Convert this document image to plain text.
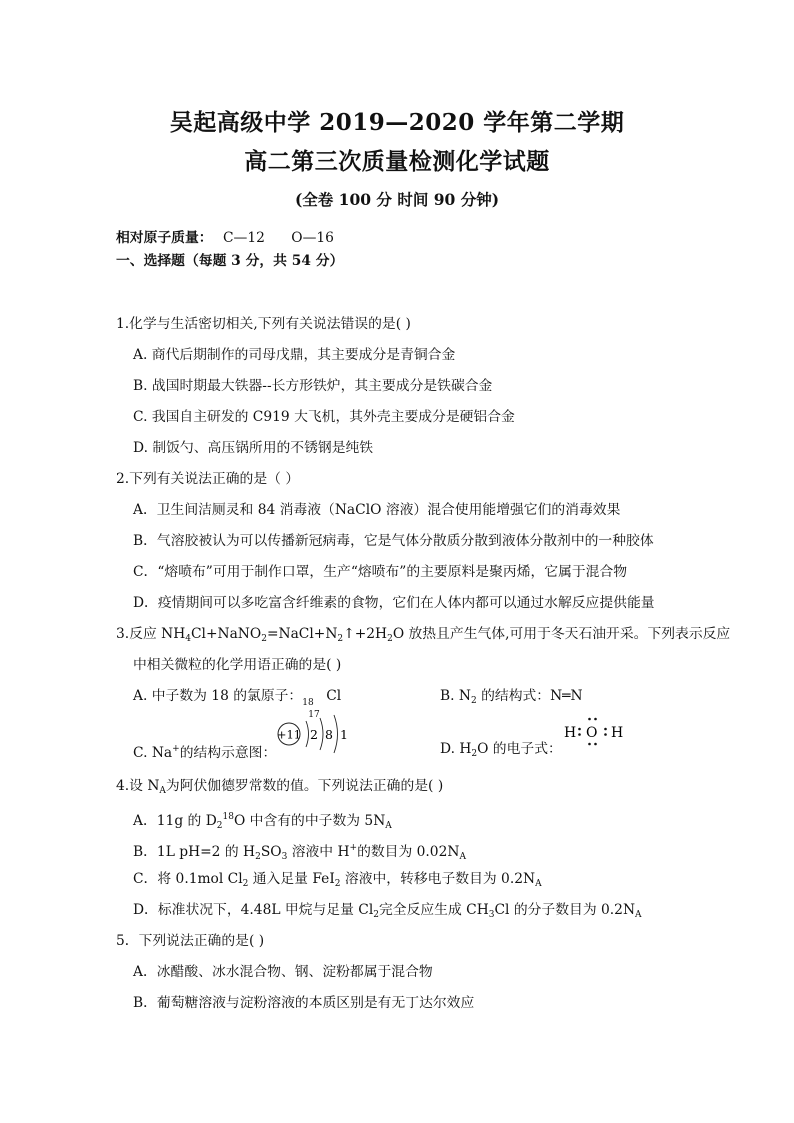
吴起高级中学 2019—2020 学年第二学期
高二第三次质量检测化学试题
(全卷 100 分 时间 90 分钟)
相对原子质量： C—12 O—16
一、选择题（每题 3 分，共 54 分）
1.化学与生活密切相关,下列有关说法错误的是( )
A. 商代后期制作的司母戊鼎，其主要成分是青铜合金
B. 战国时期最大铁器--长方形铁炉，其主要成分是铁碳合金
C. 我国自主研发的 C919 大飞机，其外壳主要成分是硬铝合金
D. 制饭勺、高压锅所用的不锈钢是纯铁
2.下列有关说法正确的是（ ）
A．卫生间洁厕灵和 84 消毒液（NaClO 溶液）混合使用能增强它们的消毒效果
B．气溶胶被认为可以传播新冠病毒，它是气体分散质分散到液体分散剂中的一种胶体
C．“熔喷布”可用于制作口罩，生产“熔喷布”的主要原料是聚丙烯，它属于混合物
D．疫情期间可以多吃富含纤维素的食物，它们在人体内都可以通过水解反应提供能量
3.反应 $NH_4Cl+NaNO_2=NaCl+N_2↑+2H_2O$ 放热且产生气体,可用于冬天石油开采。下列表示反应
中相关微粒的化学用语正确的是( )
A. 中子数为 18 的氯原子： 18
17
Cl	B. $N_2$ 的结构式：N═N
C. Na+的结构示意图：
+11 2 8 1
D. $H_2O$ 的电子式：
H O H
4.设 $N_A$为阿伏伽德罗常数的值。下列说法正确的是( )
A．11g 的 $D_2^{18}O$ 中含有的中子数为 $5N_A$
B．1L pH=2 的 $H_2SO_3$ 溶液中 H+的数目为 $0.02N_A$
C．将 0.1mol $Cl_2$ 通入足量 FeI$_2$ 溶液中，转移电子数目为 $0.2N_A$
D．标准状况下，4.48L 甲烷与足量 $Cl_2$完全反应生成 $CH_3Cl$ 的分子数目为 $0.2N_A$
5．下列说法正确的是( )
A．冰醋酸、冰水混合物、钢、淀粉都属于混合物
B．葡萄糖溶液与淀粉溶液的本质区别是有无丁达尔效应
